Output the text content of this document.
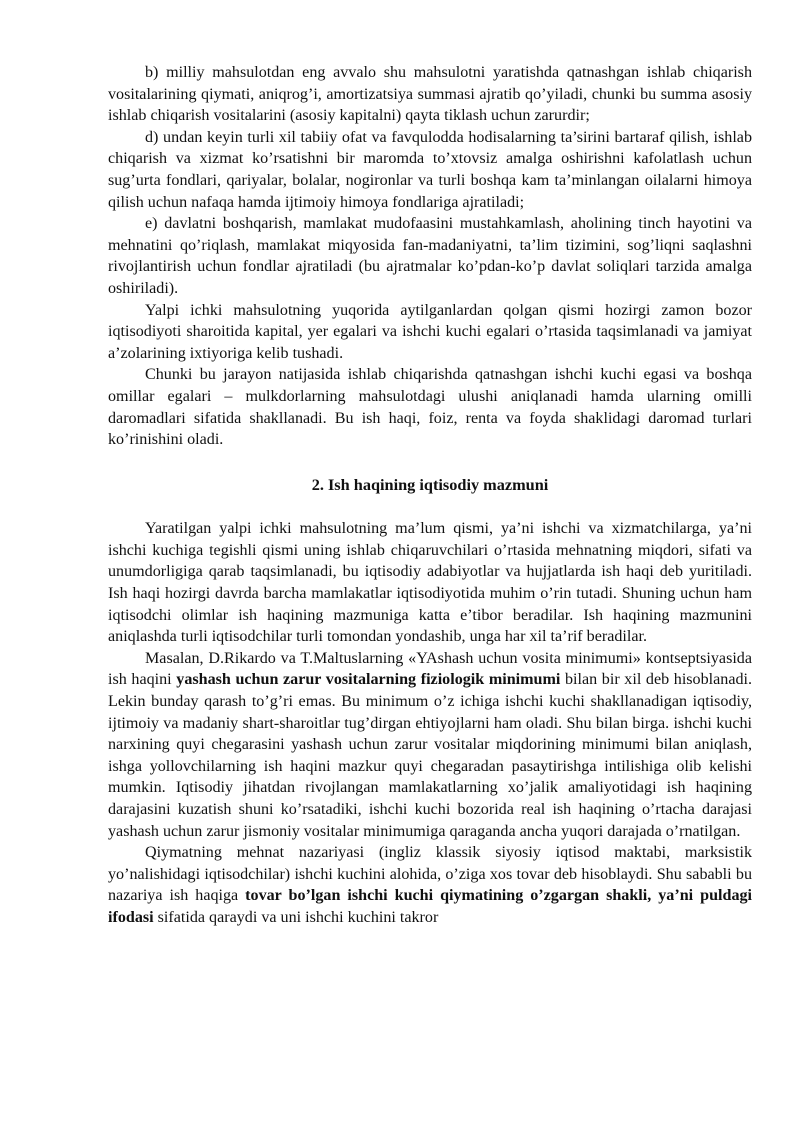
b) milliy mahsulotdan eng avvalo shu mahsulotni yaratishda qatnashgan ishlab chiqarish vositalarining qiymati, aniqrog’i, amortizatsiya summasi ajratib qo’yiladi, chunki bu summa asosiy ishlab chiqarish vositalarini (asosiy kapitalni) qayta tiklash uchun zarurdir;

d) undan keyin turli xil tabiiy ofat va favqulodda hodisalarning ta’sirini bartaraf qilish, ishlab chiqarish va xizmat ko’rsatishni bir maromda to’xtovsiz amalga oshirishni kafolatlash uchun sug’urta fondlari, qariyalar, bolalar, nogironlar va turli boshqa kam ta’minlangan oilalarni himoya qilish uchun nafaqa hamda ijtimoiy himoya fondlariga ajratiladi;

e) davlatni boshqarish, mamlakat mudofaasini mustahkamlash, aholining tinch hayotini va mehnatini qo’riqlash, mamlakat miqyosida fan-madaniyatni, ta’lim tizimini, sog’liqni saqlashni rivojlantirish uchun fondlar ajratiladi (bu ajratmalar ko’pdan-ko’p davlat soliqlari tarzida amalga oshiriladi).

Yalpi ichki mahsulotning yuqorida aytilganlardan qolgan qismi hozirgi zamon bozor iqtisodiyoti sharoitida kapital, yer egalari va ishchi kuchi egalari o’rtasida taqsimlanadi va jamiyat a’zolarining ixtiyoriga kelib tushadi.

Chunki bu jarayon natijasida ishlab chiqarishda qatnashgan ishchi kuchi egasi va boshqa omillar egalari – mulkdorlarning mahsulotdagi ulushi aniqlanadi hamda ularning omilli daromadlari sifatida shakllanadi. Bu ish haqi, foiz, renta va foyda shaklidagi daromad turlari ko’rinishini oladi.

2. Ish haqining iqtisodiy mazmuni

Yaratilgan yalpi ichki mahsulotning ma’lum qismi, ya’ni ishchi va xizmatchilarga, ya’ni ishchi kuchiga tegishli qismi uning ishlab chiqaruvchilari o’rtasida mehnatning miqdori, sifati va unumdorligiga qarab taqsimlanadi, bu iqtisodiy adabiyotlar va hujjatlarda ish haqi deb yuritiladi. Ish haqi hozirgi davrda barcha mamlakatlar iqtisodiyotida muhim o’rin tutadi. Shuning uchun ham iqtisodchi olimlar ish haqining mazmuniga katta e’tibor beradilar. Ish haqining mazmunini aniqlashda turli iqtisodchilar turli tomondan yondashib, unga har xil ta’rif beradilar.

Masalan, D.Rikardo va T.Maltuslarning «YAshash uchun vosita minimumi» kontseptsiyasida ish haqini yashash uchun zarur vositalarning fiziologik minimumi bilan bir xil deb hisoblanadi. Lekin bunday qarash to’g’ri emas. Bu minimum o’z ichiga ishchi kuchi shakllanadigan iqtisodiy, ijtimoiy va madaniy shart-sharoitlar tug’dirgan ehtiyojlarni ham oladi. Shu bilan birga. ishchi kuchi narxining quyi chegarasini yashash uchun zarur vositalar miqdorining minimumi bilan aniqlash, ishga yollovchilarning ish haqini mazkur quyi chegaradan pasaytirishga intilishiga olib kelishi mumkin. Iqtisodiy jihatdan rivojlangan mamlakatlarning xo’jalik amaliyotidagi ish haqining darajasini kuzatish shuni ko’rsatadiki, ishchi kuchi bozorida real ish haqining o’rtacha darajasi yashash uchun zarur jismoniy vositalar minimumiga qaraganda ancha yuqori darajada o’rnatilgan.

Qiymatning mehnat nazariyasi (ingliz klassik siyosiy iqtisod maktabi, marksistik yo’nalishidagi iqtisodchilar) ishchi kuchini alohida, o’ziga xos tovar deb hisoblaydi. Shu sababli bu nazariya ish haqiga tovar bo’lgan ishchi kuchi qiymatining o’zgargan shakli, ya’ni puldagi ifodasi sifatida qaraydi va uni ishchi kuchini takror
